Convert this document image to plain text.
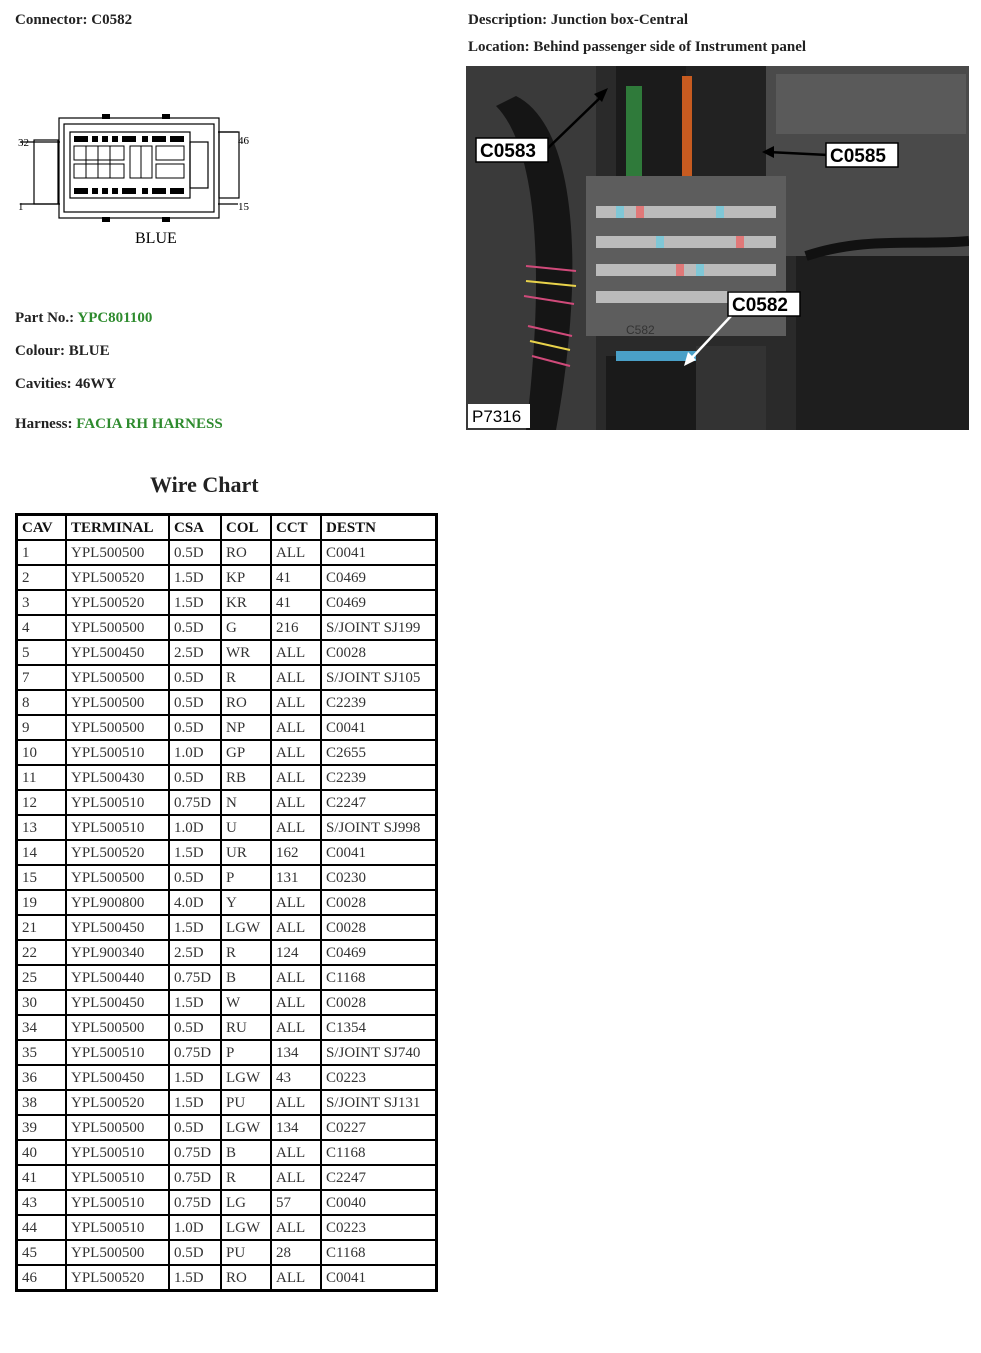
Connector: C0582	Description: Junction box-Central
Location: Behind passenger side of Instrument panel
32
1
46
15
BLUE
C0583	C0585
C0582
C582
P7316
Part No.: YPC801100
Colour: BLUE
Cavities: 46WY
Harness: FACIA RH HARNESS
Wire Chart
CAV	TERMINAL	CSA	COL	CCT	DESTN
1	YPL500500	0.5D	RO	ALL	C0041
2	YPL500520	1.5D	KP	41	C0469
3	YPL500520	1.5D	KR	41	C0469
4	YPL500500	0.5D	G	216	S/JOINT SJ199
5	YPL500450	2.5D	WR	ALL	C0028
7	YPL500500	0.5D	R	ALL	S/JOINT SJ105
8	YPL500500	0.5D	RO	ALL	C2239
9	YPL500500	0.5D	NP	ALL	C0041
10	YPL500510	1.0D	GP	ALL	C2655
11	YPL500430	0.5D	RB	ALL	C2239
12	YPL500510	0.75D	N	ALL	C2247
13	YPL500510	1.0D	U	ALL	S/JOINT SJ998
14	YPL500520	1.5D	UR	162	C0041
15	YPL500500	0.5D	P	131	C0230
19	YPL900800	4.0D	Y	ALL	C0028
21	YPL500450	1.5D	LGW	ALL	C0028
22	YPL900340	2.5D	R	124	C0469
25	YPL500440	0.75D	B	ALL	C1168
30	YPL500450	1.5D	W	ALL	C0028
34	YPL500500	0.5D	RU	ALL	C1354
35	YPL500510	0.75D	P	134	S/JOINT SJ740
36	YPL500450	1.5D	LGW	43	C0223
38	YPL500520	1.5D	PU	ALL	S/JOINT SJ131
39	YPL500500	0.5D	LGW	134	C0227
40	YPL500510	0.75D	B	ALL	C1168
41	YPL500510	0.75D	R	ALL	C2247
43	YPL500510	0.75D	LG	57	C0040
44	YPL500510	1.0D	LGW	ALL	C0223
45	YPL500500	0.5D	PU	28	C1168
46	YPL500520	1.5D	RO	ALL	C0041
